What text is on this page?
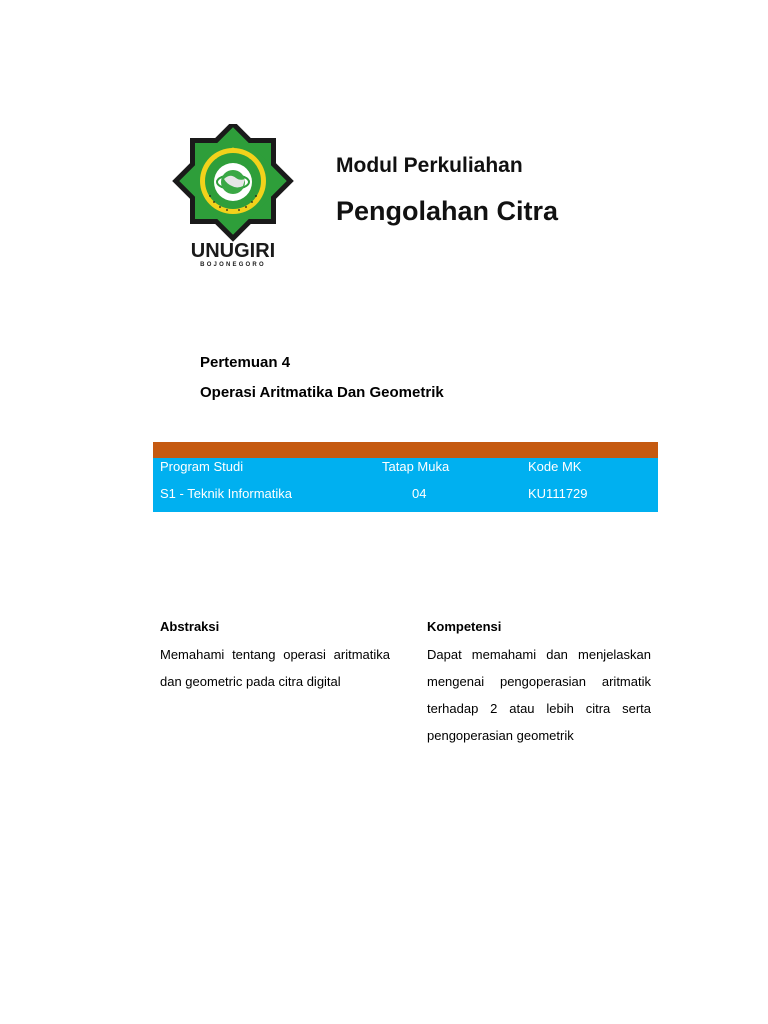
UNUGIRI
BOJONEGORO
Modul Perkuliahan
Pengolahan Citra
Pertemuan 4
Operasi Aritmatika Dan Geometrik
Program Studi	Tatap Muka	Kode MK
S1 - Teknik Informatika	04	KU111729
Abstraksi
Memahami tentang operasi aritmatika dan geometric pada citra digital
Kompetensi
Dapat memahami dan menjelaskan mengenai pengoperasian aritmatik terhadap 2 atau lebih citra serta pengoperasian geometrik
